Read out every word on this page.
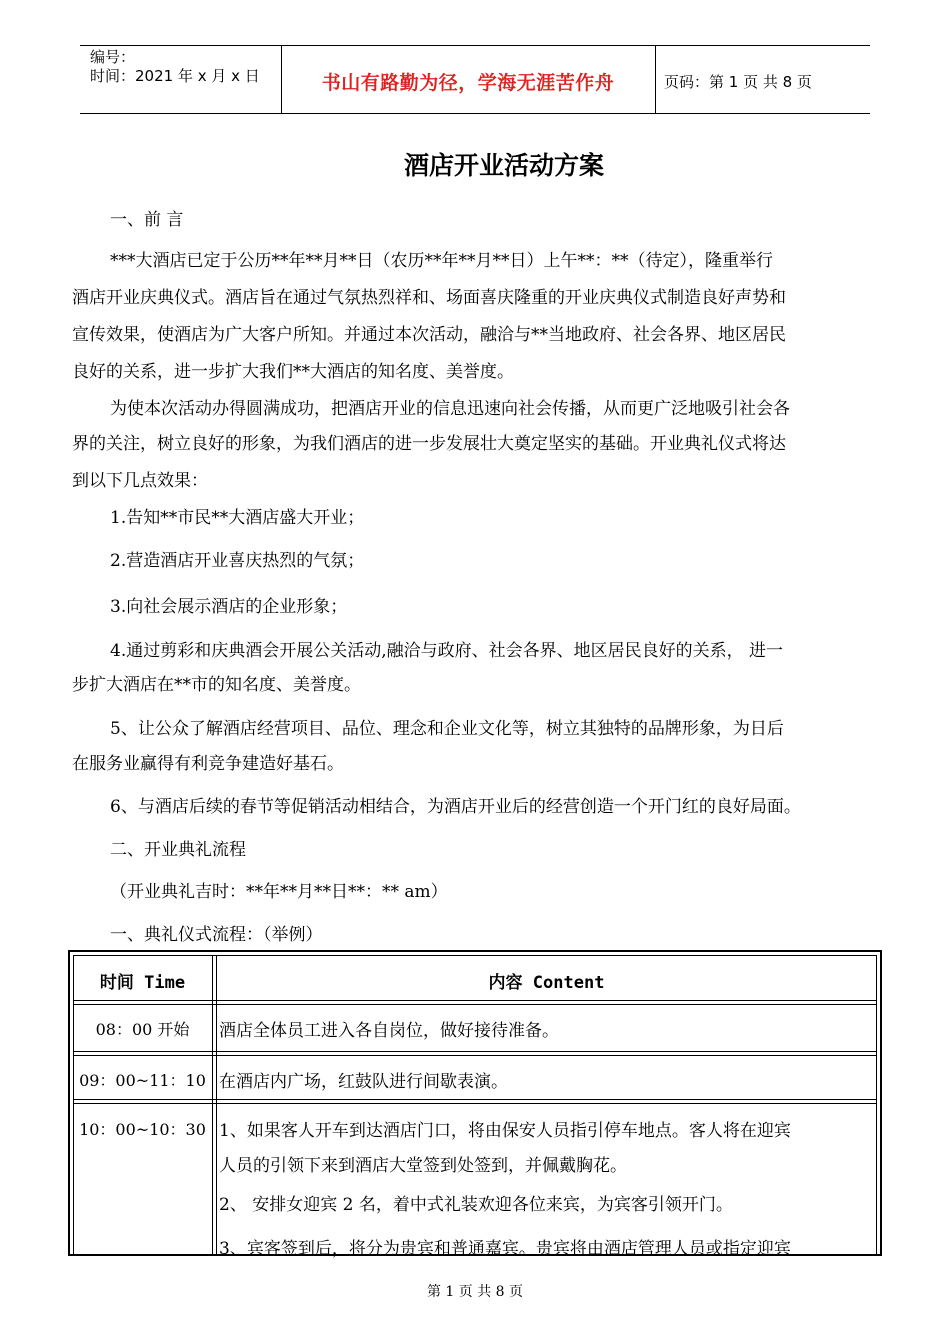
编号：
时间：2021 年 x 月 x 日	书山有路勤为径，学海无涯苦作舟	页码：第 1 页 共 8 页
酒店开业活动方案
一、前 言
***大酒店已定于公历**年**月**日（农历**年**月**日）上午**：**（待定），隆重举行
酒店开业庆典仪式。酒店旨在通过气氛热烈祥和、场面喜庆隆重的开业庆典仪式制造良好声势和
宣传效果，使酒店为广大客户所知。并通过本次活动，融洽与**当地政府、社会各界、地区居民
良好的关系，进一步扩大我们**大酒店的知名度、美誉度。
为使本次活动办得圆满成功，把酒店开业的信息迅速向社会传播，从而更广泛地吸引社会各
界的关注，树立良好的形象，为我们酒店的进一步发展壮大奠定坚实的基础。开业典礼仪式将达
到以下几点效果：
1.告知**市民**大酒店盛大开业；
2.营造酒店开业喜庆热烈的气氛；
3.向社会展示酒店的企业形象；
4.通过剪彩和庆典酒会开展公关活动,融洽与政府、社会各界、地区居民良好的关系， 进一
步扩大酒店在**市的知名度、美誉度。
5、让公众了解酒店经营项目、品位、理念和企业文化等，树立其独特的品牌形象，为日后
在服务业赢得有利竞争建造好基石。
6、与酒店后续的春节等促销活动相结合，为酒店开业后的经营创造一个开门红的良好局面。
二、开业典礼流程
（开业典礼吉时：**年**月**日**：** am）
一、典礼仪式流程：（举例）
时间 Time	内容 Content
08：00 开始	酒店全体员工进入各自岗位，做好接待准备。
09：00~11：10 在酒店内广场，红鼓队进行间歇表演。
10：00~10：30 1、如果客人开车到达酒店门口，将由保安人员指引停车地点。客人将在迎宾
人员的引领下来到酒店大堂签到处签到，并佩戴胸花。
2、 安排女迎宾 2 名，着中式礼装欢迎各位来宾，为宾客引领开门。
3、宾客签到后，将分为贵宾和普通嘉宾。贵宾将由酒店管理人员或指定迎宾
第 1 页 共 8 页
